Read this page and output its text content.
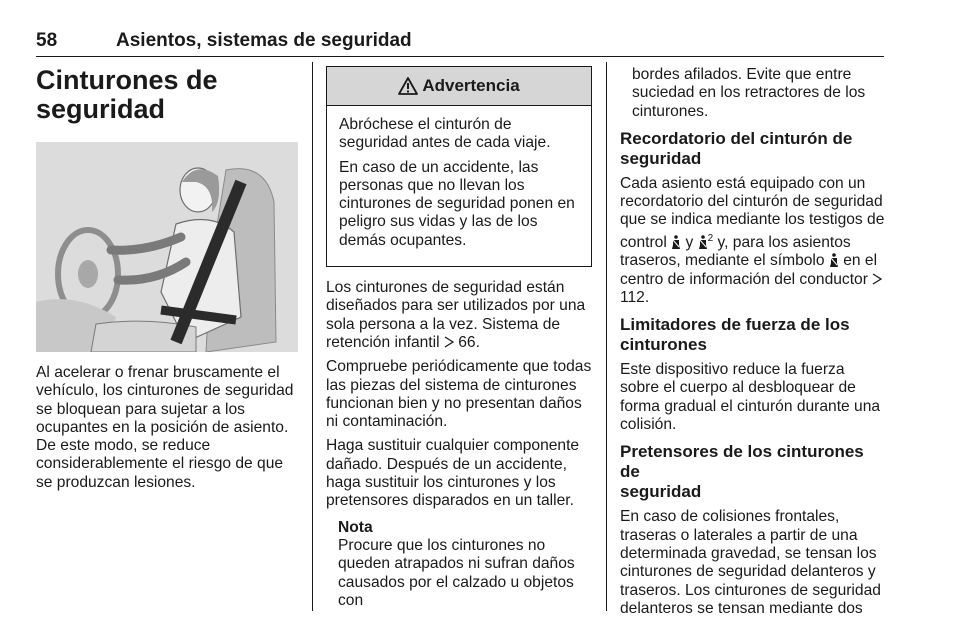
58	Asientos, sistemas de seguridad
Cinturones de
seguridad

Al acelerar o frenar bruscamente el vehículo, los cinturones de seguridad se bloquean para sujetar a los ocupantes en la posición de asiento. De este modo, se reduce considerablemente el riesgo de que se produzcan lesiones.

Advertencia

Abróchese el cinturón de seguridad antes de cada viaje.

En caso de un accidente, las personas que no llevan los cinturones de seguridad ponen en peligro sus vidas y las de los demás ocupantes.

Los cinturones de seguridad están diseñados para ser utilizados por una sola persona a la vez. Sistema de retención infantil  66.

Compruebe periódicamente que todas las piezas del sistema de cinturones funcionan bien y no presentan daños ni contaminación.

Haga sustituir cualquier componente dañado. Después de un accidente, haga sustituir los cinturones y los pretensores disparados en un taller.

Nota
Procure que los cinturones no queden atrapados ni sufran daños causados por el calzado u objetos con

bordes afilados. Evite que entre suciedad en los retractores de los cinturones.

Recordatorio del cinturón de
seguridad

Cada asiento está equipado con un recordatorio del cinturón de seguridad que se indica mediante los testigos de control  y $^2$ y, para los asientos traseros, mediante el símbolo  en el centro de información del conductor  112.

Limitadores de fuerza de los
cinturones

Este dispositivo reduce la fuerza sobre el cuerpo al desbloquear de forma gradual el cinturón durante una colisión.

Pretensores de los cinturones de
seguridad

En caso de colisiones frontales, traseras o laterales a partir de una determinada gravedad, se tensan los cinturones de seguridad delanteros y traseros. Los cinturones de seguridad delanteros se tensan mediante dos
